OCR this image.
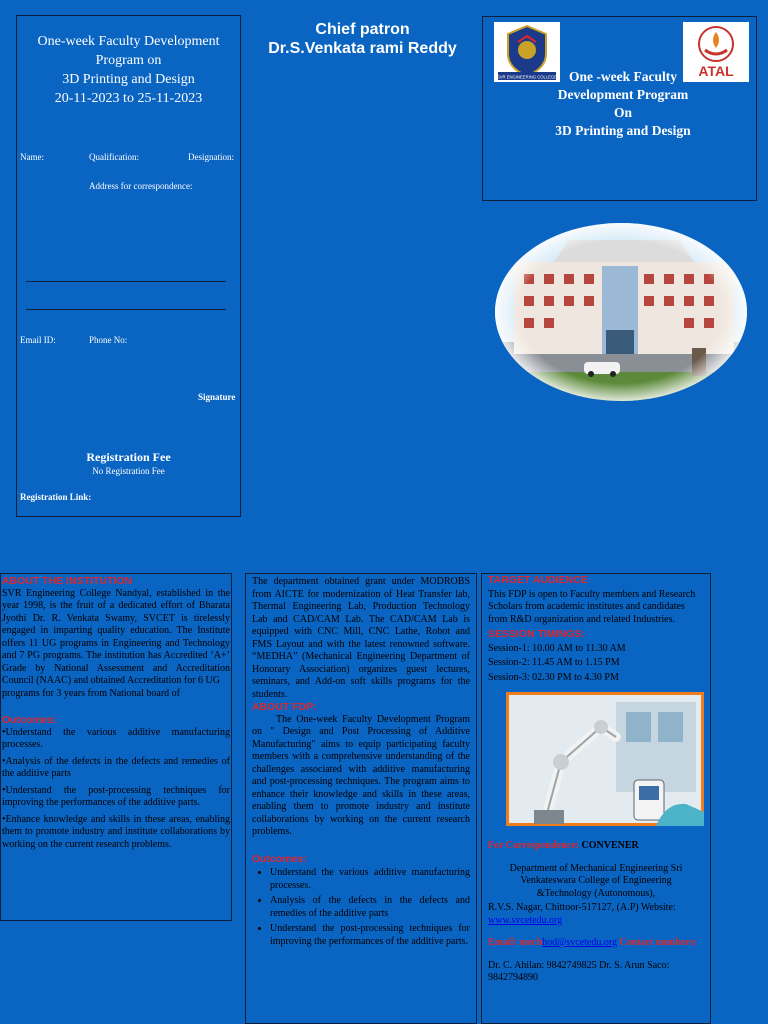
One-week Faculty Development
Program on
3D Printing and Design
20-11-2023 to 25-11-2023
Name:	Qualification:	Designation:
Address for correspondence:
Email ID:	Phone No:
Signature
Registration Fee
No Registration Fee
Registration Link:
Chief patron
Dr.S.Venkata rami Reddy
SVR ENGINEERING COLLEGE	ATAL
One -week Faculty
Development Program
On
3D Printing and Design

ABOUT THE INSTITUTION

SVR Engineering College Nandyal, established in the year 1998, is the fruit of a dedicated effort of Bharata Jyothi Dr. R. Venkata Swamy, SVCET is tirelessly engaged in imparting quality education. The Institute offers 11 UG programs in Engineering and Technology and 7 PG programs. The institution has Accredited ‘A+’ Grade by National Assessment and Accreditation Council (NAAC) and obtained Accreditation for 6 UG

programs for 3 years from National board of

Outcomes:

•Understand the various additive manufacturing processes.

•Analysis of the defects in the defects and remedies of the additive parts

•Understand the post-processing techniques for improving the performances of the additive parts.

•Enhance knowledge and skills in these areas, enabling them to promote industry and institute collaborations by working on the current research problems.

The department obtained grant under MODROBS from AICTE for modernization of Heat Transfer lab, Thermal Engineering Lab, Production Technology Lab and CAD/CAM Lab. The CAD/CAM Lab is equipped with CNC Mill, CNC Lathe, Robot and FMS Layout and with the latest renowned software. “MEDHA” (Mechanical Engineering Department of Honorary Association) organizes guest lectures, seminars, and Add-on soft skills programs for the students.

ABOUT FDP:

The One-week Faculty Development Program on " Design and Post Processing of Additive Manufacturing" aims to equip participating faculty members with a comprehensive understanding of the challenges associated with additive manufacturing and post-processing techniques. The program aims to enhance their knowledge and skills in these areas, enabling them to promote industry and institute collaborations by working on the current research problems.

Outcomes:

• Understand the various additive manufacturing processes.
• Analysis of the defects in the defects and remedies of the additive parts
• Understand the post-processing techniques for improving the performances of the additive parts.

TARGET AUDIENCE

This FDP is open to Faculty members and Research Scholars from academic institutes and candidates from R&D organization and related Industries.

SESSION TIMINGS:

Session-1: 10.00 AM to 11.30 AM

Session-2: 11.45 AM to 1.15 PM

Session-3: 02.30 PM to 4.30 PM

For Correspondence: CONVENER

Department of Mechanical Engineering Sri

Venkateswara College of Engineering

&Technology (Autonomous),

R.V.S. Nagar, Chittoor-517127, (A.P) Website:

www.svcetedu.org

Email: mechhod@svcetedu.org Contact numbers:

Dr. C. Ahilan: 9842749825 Dr. S. Arun Saco:

9842794890
